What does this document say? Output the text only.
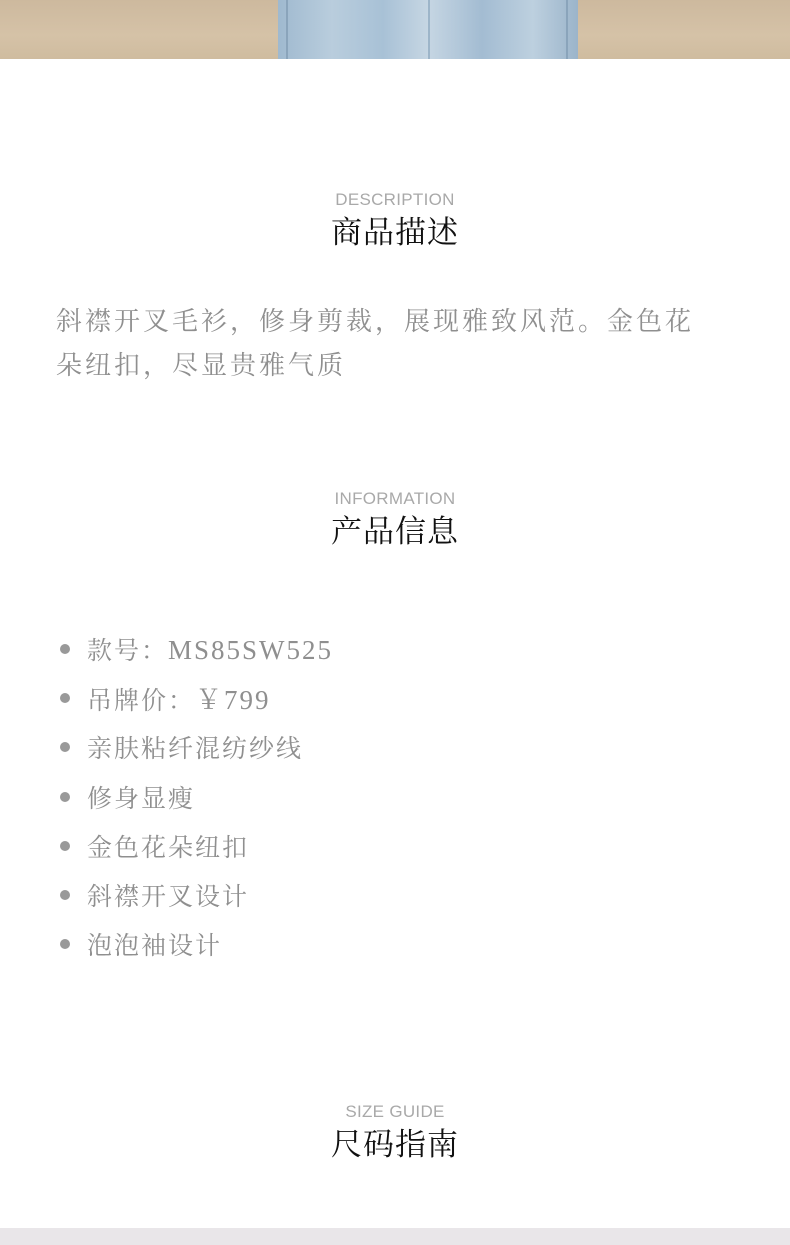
DESCRIPTION
商品描述
斜襟开叉毛衫，修身剪裁，展现雅致风范。金色花
朵纽扣，尽显贵雅气质
INFORMATION
产品信息
款号：MS85SW525
吊牌价：￥799
亲肤粘纤混纺纱线
修身显瘦
金色花朵纽扣
斜襟开叉设计
泡泡袖设计
SIZE GUIDE
尺码指南
